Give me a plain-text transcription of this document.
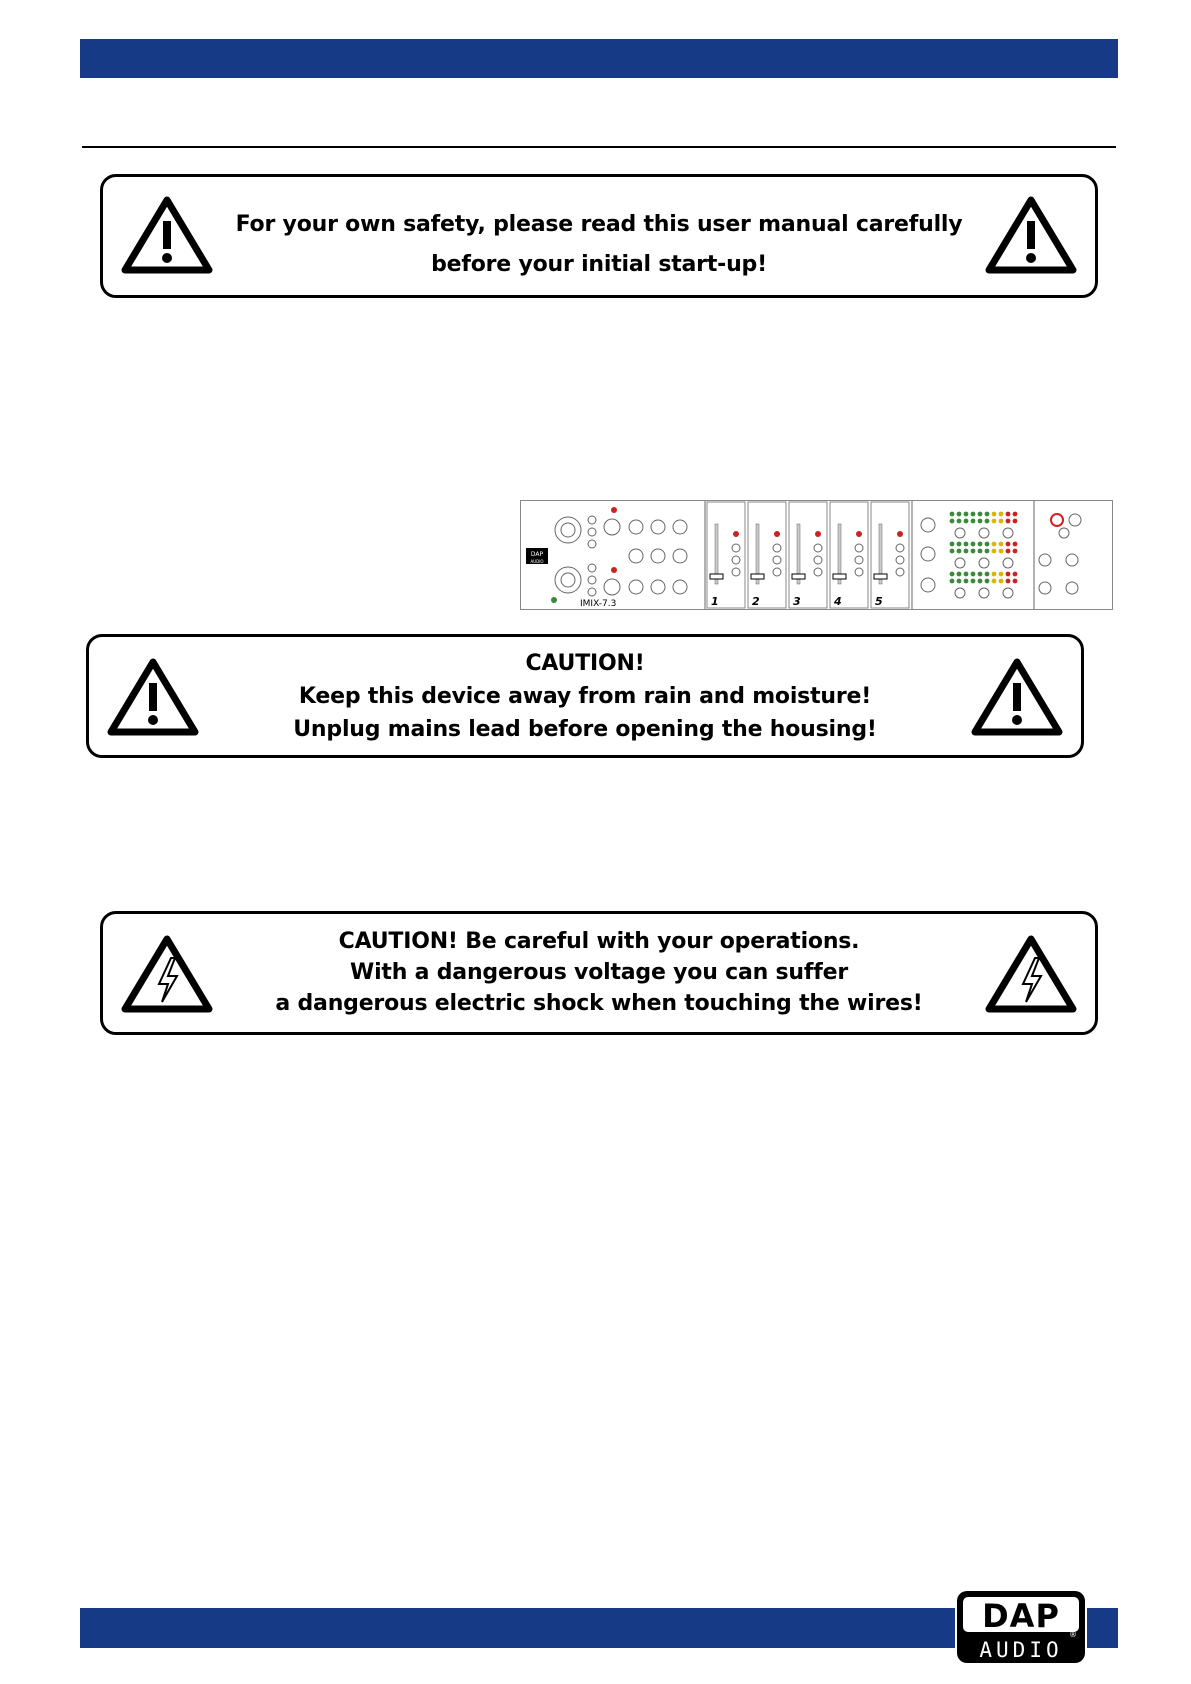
For your own safety, please read this user manual carefully
before your initial start-up!
DAP
AUDIO
IMIX-7.3	1	2	3	4	5
CAUTION!
Keep this device away from rain and moisture!
Unplug mains lead before opening the housing!
CAUTION! Be careful with your operations.
With a dangerous voltage you can suffer
a dangerous electric shock when touching the wires!
DAP
AUDIO
®
